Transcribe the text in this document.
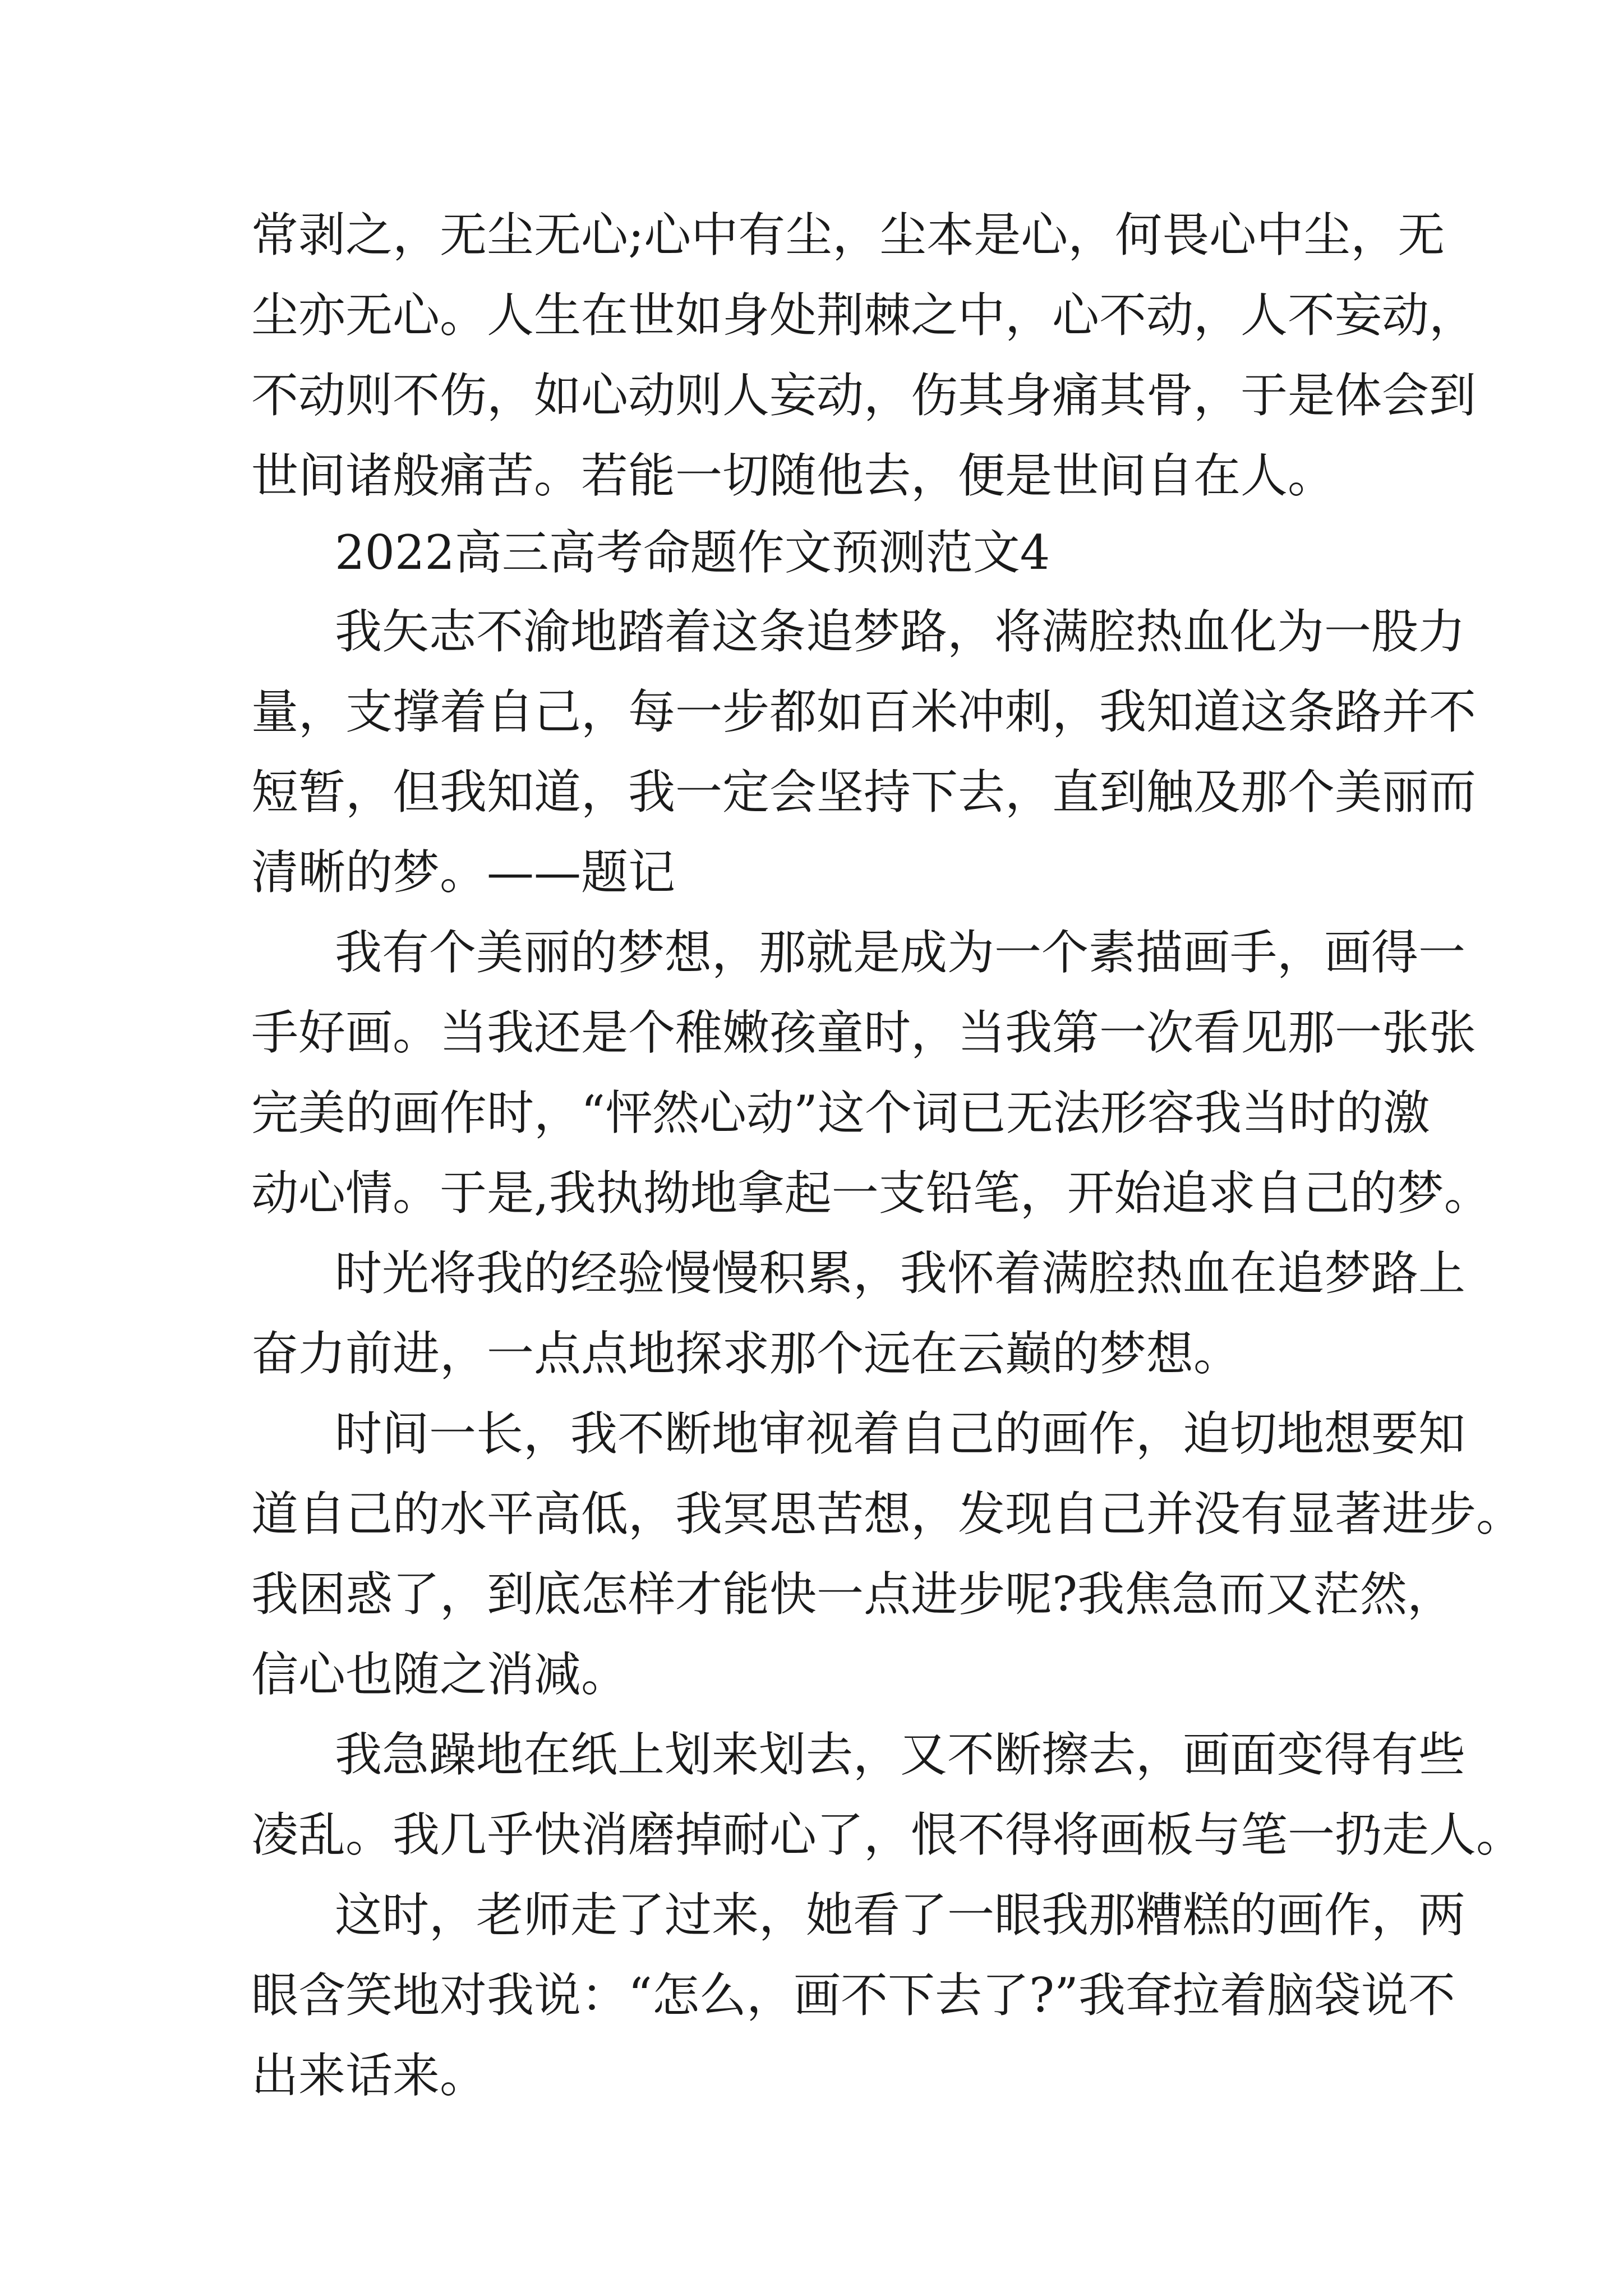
常剥之，无尘无心;心中有尘，尘本是心，何畏心中尘，无
尘亦无心。人生在世如身处荆棘之中，心不动，人不妄动，
不动则不伤，如心动则人妄动，伤其身痛其骨，于是体会到
世间诸般痛苦。若能一切随他去，便是世间自在人。
2022高三高考命题作文预测范文4
我矢志不渝地踏着这条追梦路，将满腔热血化为一股力
量，支撑着自己，每一步都如百米冲刺，我知道这条路并不
短暂，但我知道，我一定会坚持下去，直到触及那个美丽而
清晰的梦。——题记
我有个美丽的梦想，那就是成为一个素描画手，画得一
手好画。当我还是个稚嫩孩童时，当我第一次看见那一张张
完美的画作时，“怦然心动”这个词已无法形容我当时的激
动心情。于是,我执拗地拿起一支铅笔，开始追求自己的梦。
时光将我的经验慢慢积累，我怀着满腔热血在追梦路上
奋力前进，一点点地探求那个远在云巅的梦想。
时间一长，我不断地审视着自己的画作，迫切地想要知
道自己的水平高低，我冥思苦想，发现自己并没有显著进步。
我困惑了，到底怎样才能快一点进步呢?我焦急而又茫然，
信心也随之消减。
我急躁地在纸上划来划去，又不断擦去，画面变得有些
凌乱。我几乎快消磨掉耐心了，恨不得将画板与笔一扔走人。
这时，老师走了过来，她看了一眼我那糟糕的画作，两
眼含笑地对我说：“怎么，画不下去了?”我耷拉着脑袋说不
出来话来。
